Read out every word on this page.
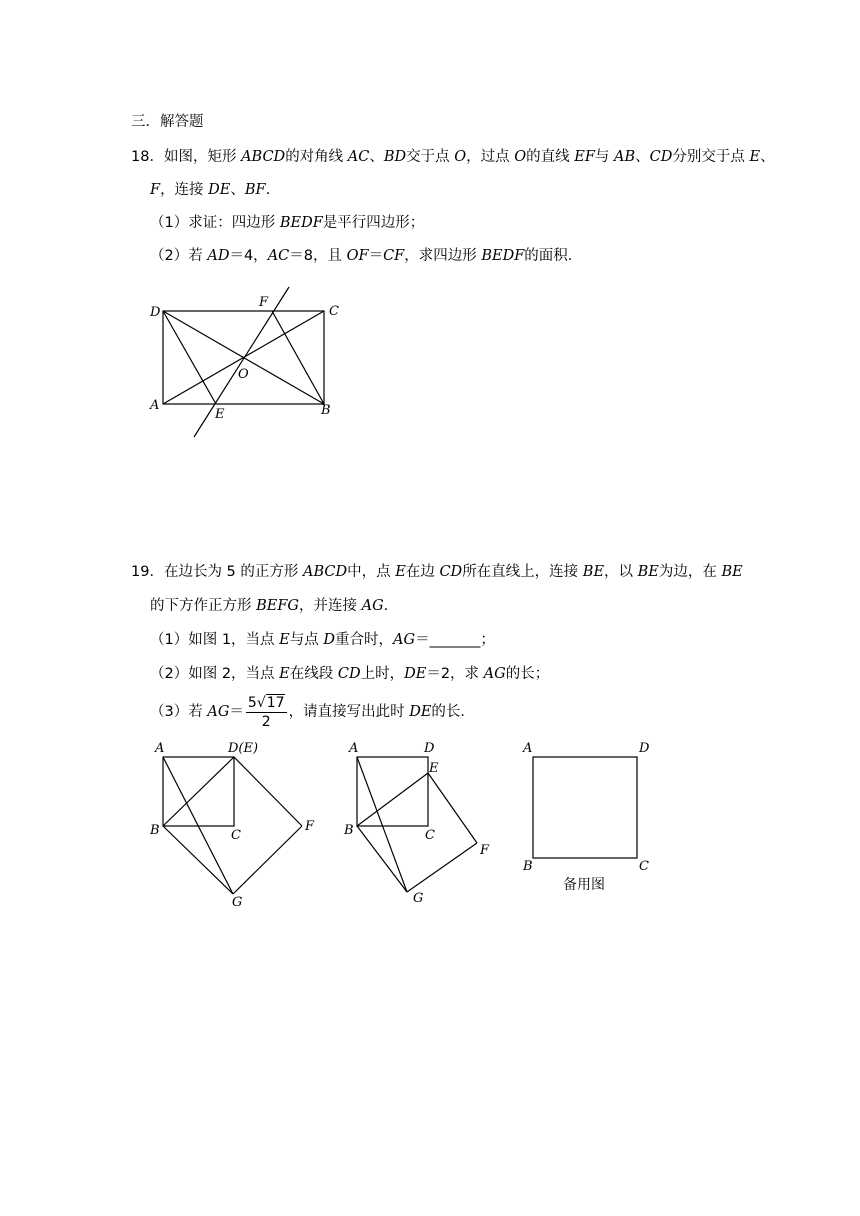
三．解答题
18．如图，矩形 ABCD的对角线 AC、BD交于点 O，过点 O的直线 EF与 AB、CD分别交于点 E、
F，连接 DE、BF.
（1）求证：四边形 BEDF是平行四边形；
（2）若 AD＝4，AC＝8，且 OF＝CF，求四边形 BEDF的面积．
D
F
C
O
A
E	B
19．在边长为 5 的正方形 ABCD中，点 E在边 CD所在直线上，连接 BE，以 BE为边，在 BE
的下方作正方形 BEFG，并连接 AG.
（1）如图 1，当点 E与点 D重合时，AG＝_______；
（2）如图 2，当点 E在线段 CD上时，DE＝2，求 AG的长；
（3）若 $AG= \frac{5√17}{2}$ ，请直接写出此时 DE的长．
A	D(E)
B	C
F
G
A	D
E
B	C
F
G
A	D
B	C
备用图
